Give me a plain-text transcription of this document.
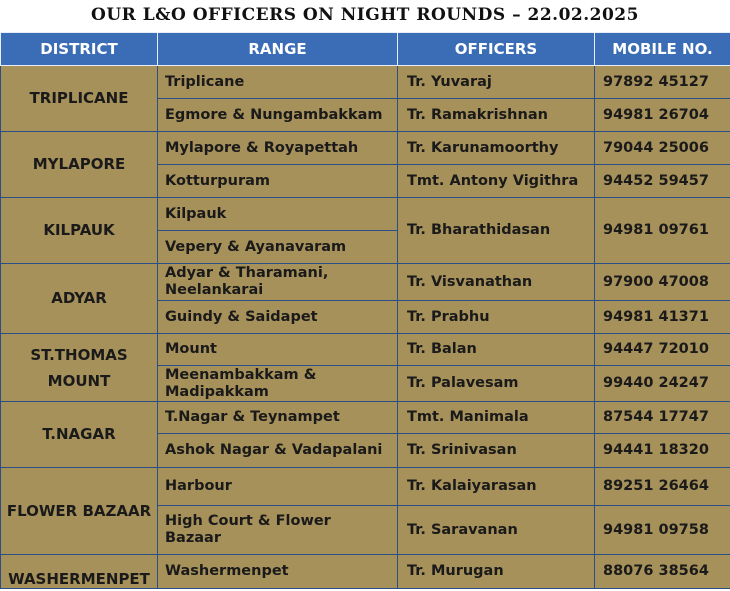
OUR L&O OFFICERS ON NIGHT ROUNDS – 22.02.2025
DISTRICT	RANGE	OFFICERS	MOBILE NO.
TRIPLICANE	Triplicane	Tr. Yuvaraj	97892 45127
	Egmore & Nungambakkam	Tr. Ramakrishnan	94981 26704
MYLAPORE	Mylapore & Royapettah	Tr. Karunamoorthy	79044 25006
	Kotturpuram	Tmt. Antony Vigithra	94452 59457
KILPAUK	Kilpauk	Tr. Bharathidasan	94981 09761
	Vepery & Ayanavaram		
ADYAR	Adyar & Tharamani, Neelankarai	Tr. Visvanathan	97900 47008
	Guindy & Saidapet	Tr. Prabhu	94981 41371
ST.THOMAS MOUNT	Mount	Tr. Balan	94447 72010
	Meenambakkam & Madipakkam	Tr. Palavesam	99440 24247
T.NAGAR	T.Nagar & Teynampet	Tmt. Manimala	87544 17747
	Ashok Nagar & Vadapalani	Tr. Srinivasan	94441 18320
FLOWER BAZAAR	Harbour	Tr. Kalaiyarasan	89251 26464
	High Court & Flower Bazaar	Tr. Saravanan	94981 09758
WASHERMENPET	Washermenpet	Tr. Murugan	88076 38564
